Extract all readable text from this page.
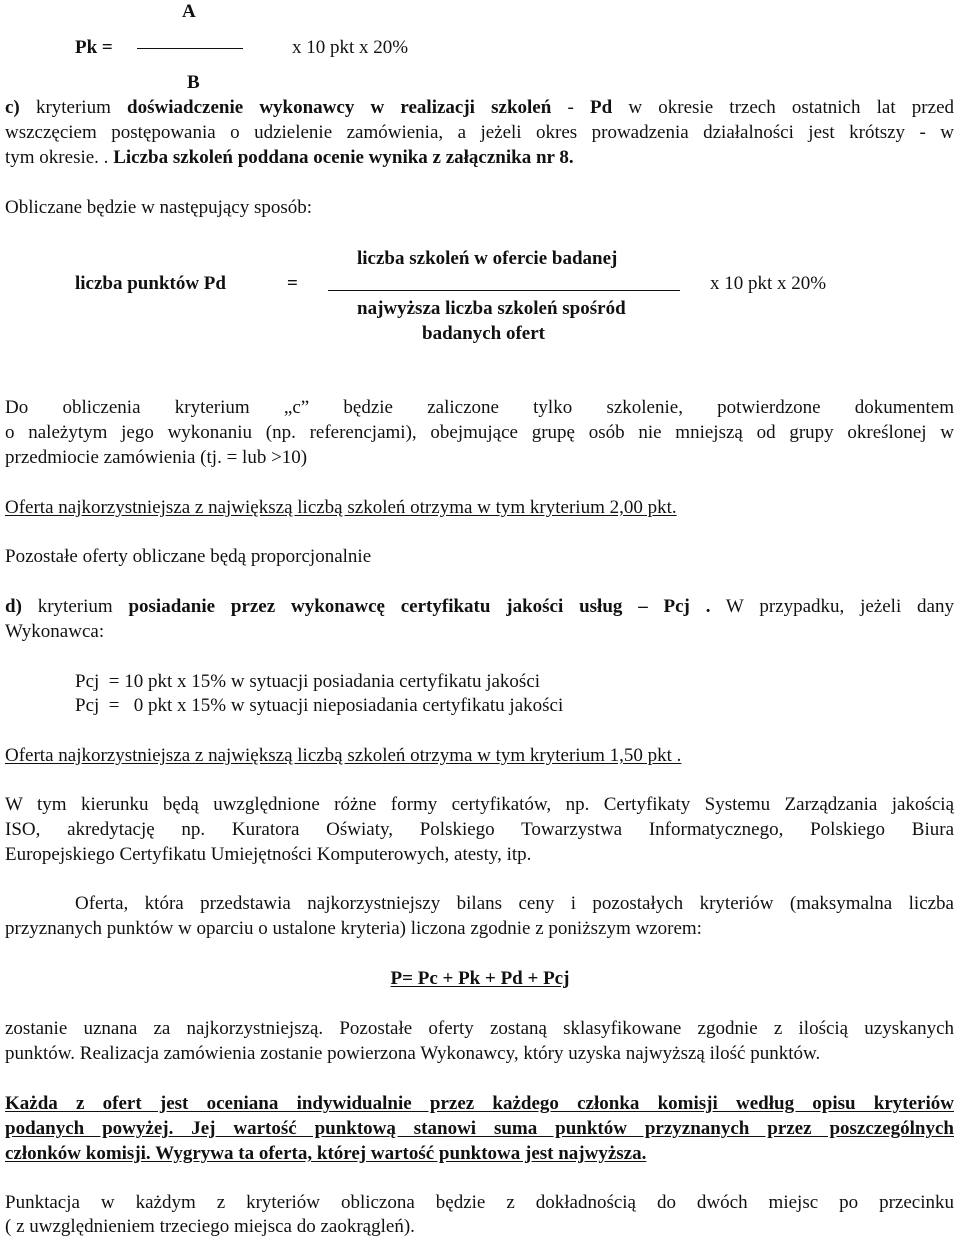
A
Pk =	x 10 pkt x 20%
B
c) kryterium doświadczenie wykonawcy w realizacji szkoleń - Pd w okresie trzech ostatnich lat przed
wszczęciem postępowania o udzielenie zamówienia, a jeżeli okres prowadzenia działalności jest krótszy - w
tym okresie. . Liczba szkoleń poddana ocenie wynika z załącznika nr 8.
Obliczane będzie w następujący sposób:
liczba szkoleń w ofercie badanej
liczba punktów Pd	=	x 10 pkt x 20%
najwyższa liczba szkoleń spośród
badanych ofert
Do obliczenia kryterium „c” będzie zaliczone tylko szkolenie, potwierdzone dokumentem
o należytym jego wykonaniu (np. referencjami), obejmujące grupę osób nie mniejszą od grupy określonej w
przedmiocie zamówienia (tj. = lub >10)
Oferta najkorzystniejsza z największą liczbą szkoleń otrzyma w tym kryterium 2,00 pkt.
Pozostałe oferty obliczane będą proporcjonalnie
d) kryterium posiadanie przez wykonawcę certyfikatu jakości usług – Pcj . W przypadku, jeżeli dany
Wykonawca:
Pcj  = 10 pkt x 15% w sytuacji posiadania certyfikatu jakości
Pcj  =   0 pkt x 15% w sytuacji nieposiadania certyfikatu jakości
Oferta najkorzystniejsza z największą liczbą szkoleń otrzyma w tym kryterium 1,50 pkt .
W tym kierunku będą uwzględnione różne formy certyfikatów, np. Certyfikaty Systemu Zarządzania jakością
ISO, akredytację np. Kuratora Oświaty, Polskiego Towarzystwa Informatycznego, Polskiego Biura
Europejskiego Certyfikatu Umiejętności Komputerowych, atesty, itp.
Oferta, która przedstawia najkorzystniejszy bilans ceny i pozostałych kryteriów (maksymalna liczba
przyznanych punktów w oparciu o ustalone kryteria) liczona zgodnie z poniższym wzorem:
P= Pc + Pk + Pd + Pcj
zostanie uznana za najkorzystniejszą. Pozostałe oferty zostaną sklasyfikowane zgodnie z ilością uzyskanych
punktów. Realizacja zamówienia zostanie powierzona Wykonawcy, który uzyska najwyższą ilość punktów.
Każda z ofert jest oceniana indywidualnie przez każdego członka komisji według opisu kryteriów
podanych powyżej. Jej wartość punktową stanowi suma punktów przyznanych przez poszczególnych
członków komisji. Wygrywa ta oferta, której wartość punktowa jest najwyższa.
Punktacja w każdym z kryteriów obliczona będzie z dokładnością do dwóch miejsc po przecinku
( z uwzględnieniem trzeciego miejsca do zaokrągleń).
